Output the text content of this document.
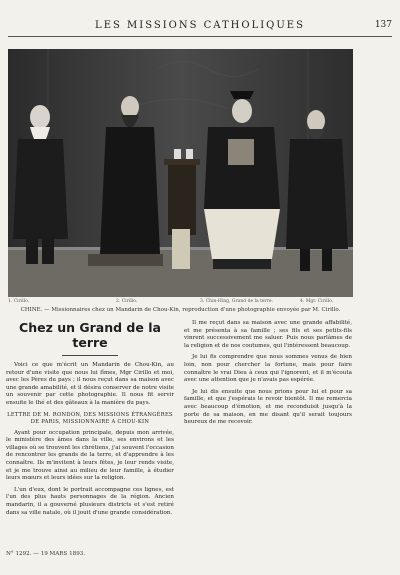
LES MISSIONS CATHOLIQUES	137
1. Cirillo.	2. Cirillo.	3. Chin-Hing, Grand de la terre.	4. Mgr. Cirillo.
CHINE. — Missionnaires chez un Mandarin de Chou-Kin, reproduction d'une photographie envoyée par M. Cirillo.
Chez un Grand de la terre

Voici ce que m'écrit un Mandarin de Chou-Kin, au retour d'une visite que nous lui fîmes, Mgr Cirillo et moi, avec les Pères du pays ; il nous reçut dans sa maison avec une grande amabilité, et il désira conserver de notre visite un souvenir par cette photographie. Il nous fit servir ensuite le thé et des gâteaux à la manière du pays.

LETTRE DE M. RONDON, DES MISSIONS ÉTRANGÈRES DE PARIS, MISSIONNAIRE A CHOU-KIN

Ayant pour occupation principale, depuis mon arrivée, le ministère des âmes dans la ville, ses environs et les villages où se trouvent les chrétiens, j'ai souvent l'occasion de rencontrer les grands de la terre, et d'apprendre à les connaître. Ils m'invitent à leurs fêtes, je leur rends visite, et je me trouve ainsi au milieu de leur famille, à étudier leurs mœurs et leurs idées sur la religion.

L'un d'eux, dont le portrait accompagne ces lignes, est l'un des plus hauts personnages de la région. Ancien mandarin, il a gouverné plusieurs districts et s'est retiré dans sa ville natale, où il jouit d'une grande considération.

Il me reçut dans sa maison avec une grande affabilité, et me présenta à sa famille ; ses fils et ses petits-fils vinrent successivement me saluer. Puis nous parlâmes de la religion et de nos coutumes, qui l'intéressent beaucoup.

Je lui fis comprendre que nous sommes venus de bien loin, non pour chercher la fortune, mais pour faire connaître le vrai Dieu à ceux qui l'ignorent, et il m'écouta avec une attention que je n'avais pas espérée.

Je lui dis ensuite que nous prions pour lui et pour sa famille, et que j'espérais le revoir bientôt. Il me remercia avec beaucoup d'émotion, et me reconduisit jusqu'à la porte de sa maison, en me disant qu'il serait toujours heureux de me recevoir.

N° 1292. — 19 MARS 1893.
